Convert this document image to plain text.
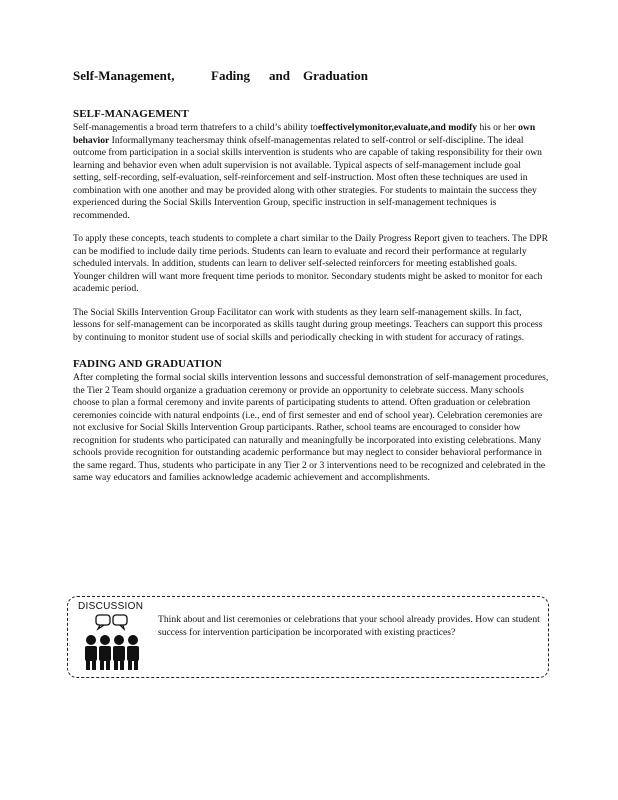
Self-Management,	Fading and Graduation
SELF-MANAGEMENT

Self-managementis a broad term thatrefers to a child’s ability toeffectivelymonitor,evaluate,and modify his or her own behavior Informallymany teachersmay think ofself-managementas related to self-control or self-discipline. The ideal outcome from participation in a social skills intervention is students who are capable of taking responsibility for their own learning and behavior even when adult supervision is not available. Typical aspects of self-management include goal setting, self-recording, self-evaluation, self-reinforcement and self-instruction. Most often these techniques are used in combination with one another and may be provided along with other strategies. For students to maintain the success they experienced during the Social Skills Intervention Group, specific instruction in self-management techniques is recommended.

To apply these concepts, teach students to complete a chart similar to the Daily Progress Report given to teachers. The DPR can be modified to include daily time periods. Students can learn to evaluate and record their performance at regularly scheduled intervals. In addition, students can learn to deliver self-selected reinforcers for meeting established goals. Younger children will want more frequent time periods to monitor. Secondary students might be asked to monitor for each academic period.

The Social Skills Intervention Group Facilitator can work with students as they learn self-management skills. In fact, lessons for self-management can be incorporated as skills taught during group meetings. Teachers can support this process by continuing to monitor student use of social skills and periodically checking in with student for accuracy of ratings.

FADING AND GRADUATION

After completing the formal social skills intervention lessons and successful demonstration of self-management procedures, the Tier 2 Team should organize a graduation ceremony or provide an opportunity to celebrate success. Many schools choose to plan a formal ceremony and invite parents of participating students to attend. Often graduation or celebration ceremonies coincide with natural endpoints (i.e., end of first semester and end of school year). Celebration ceremonies are not exclusive for Social Skills Intervention Group participants. Rather, school teams are encouraged to consider how recognition for students who participated can naturally and meaningfully be incorporated into existing celebrations. Many schools provide recognition for outstanding academic performance but may neglect to consider behavioral performance in the same regard. Thus, students who participate in any Tier 2 or 3 interventions need to be recognized and celebrated in the same way educators and families acknowledge academic achievement and accomplishments.

DISCUSSION
Think about and list ceremonies or celebrations that your school already provides. How can student success for intervention participation be incorporated with existing practices?
